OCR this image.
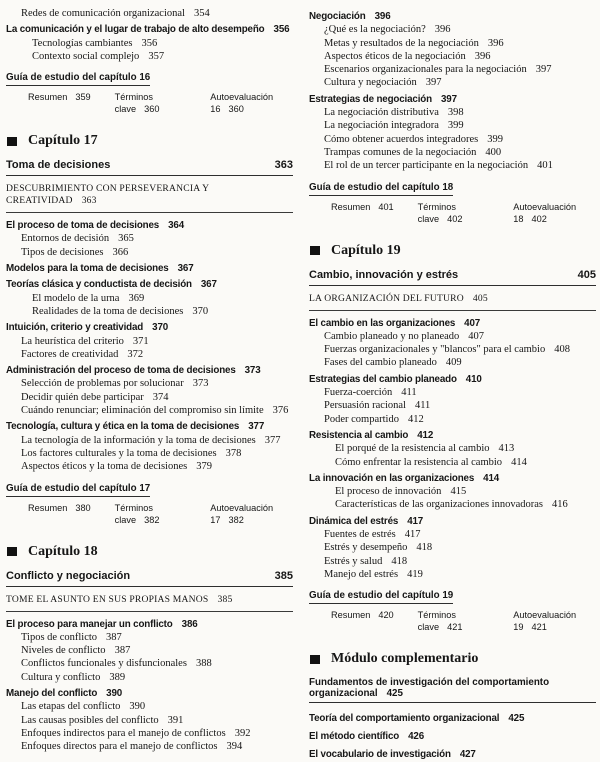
Redes de comunicación organizacional 354
La comunicación y el lugar de trabajo de alto desempeño 356
Tecnologías cambiantes 356
Contexto social complejo 357
Guía de estudio del capítulo 16
Resumen 359	Términos clave 360
Autoevaluación 16 360
Capítulo 17
Toma de decisiones	363
DESCUBRIMIENTO CON PERSEVERANCIA Y CREATIVIDAD 363
El proceso de toma de decisiones 364
Entornos de decisión 365
Tipos de decisiones 366
Modelos para la toma de decisiones 367
Teorías clásica y conductista de decisión 367
El modelo de la urna 369
Realidades de la toma de decisiones 370
Intuición, criterio y creatividad 370
La heurística del criterio 371
Factores de creatividad 372
Administración del proceso de toma de decisiones 373
Selección de problemas por solucionar 373
Decidir quién debe participar 374
Cuándo renunciar; eliminación del compromiso sin límite 376
Tecnología, cultura y ética en la toma de decisiones 377
La tecnología de la información y la toma de decisiones 377
Los factores culturales y la toma de decisiones 378
Aspectos éticos y la toma de decisiones 379
Guía de estudio del capítulo 17
Resumen 380	Términos clave 382
Autoevaluación 17 382
Capítulo 18
Conflicto y negociación	385
TOME EL ASUNTO EN SUS PROPIAS MANOS 385
El proceso para manejar un conflicto 386
Tipos de conflicto 387
Niveles de conflicto 387
Conflictos funcionales y disfuncionales 388
Cultura y conflicto 389
Manejo del conflicto 390
Las etapas del conflicto 390
Las causas posibles del conflicto 391
Enfoques indirectos para el manejo de conflictos 392
Enfoques directos para el manejo de conflictos 394
Negociación 396
¿Qué es la negociación? 396
Metas y resultados de la negociación 396
Aspectos éticos de la negociación 396
Escenarios organizacionales para la negociación 397
Cultura y negociación 397
Estrategias de negociación 397
La negociación distributiva 398
La negociación integradora 399
Cómo obtener acuerdos integradores 399
Trampas comunes de la negociación 400
El rol de un tercer participante en la negociación 401
Guía de estudio del capítulo 18
Resumen 401	Términos clave 402
Autoevaluación 18 402
Capítulo 19
Cambio, innovación y estrés	405
LA ORGANIZACIÓN DEL FUTURO 405
El cambio en las organizaciones 407
Cambio planeado y no planeado 407
Fuerzas organizacionales y "blancos" para el cambio 408
Fases del cambio planeado 409
Estrategias del cambio planeado 410
Fuerza-coerción 411
Persuasión racional 411
Poder compartido 412
Resistencia al cambio 412
El porqué de la resistencia al cambio 413
Cómo enfrentar la resistencia al cambio 414
La innovación en las organizaciones 414
El proceso de innovación 415
Características de las organizaciones innovadoras 416
Dinámica del estrés 417
Fuentes de estrés 417
Estrés y desempeño 418
Estrés y salud 418
Manejo del estrés 419
Guía de estudio del capítulo 19
Resumen 420	Términos clave 421
Autoevaluación 19 421
Módulo complementario
Fundamentos de investigación del comportamiento organizacional 425
Teoría del comportamiento organizacional 425
El método científico 426
El vocabulario de investigación 427
